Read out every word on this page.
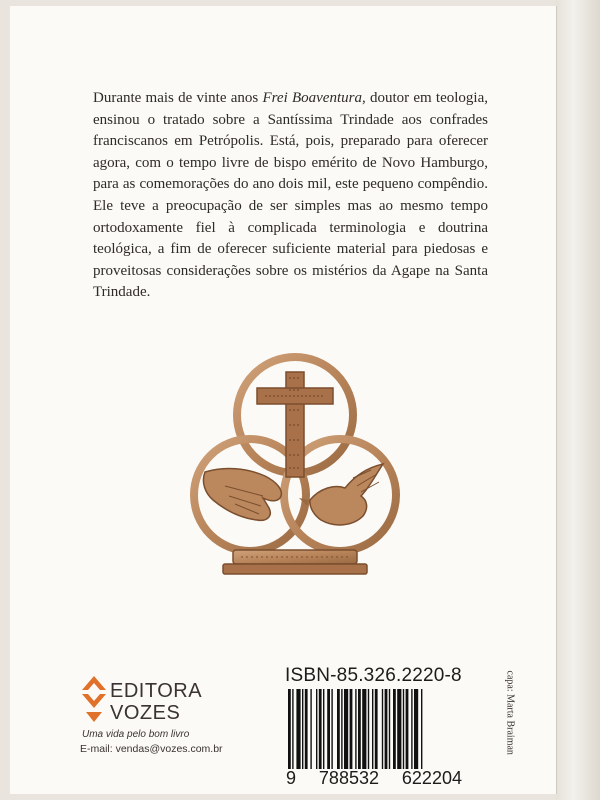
Durante mais de vinte anos Frei Boaventura, doutor em teologia, ensinou o tratado sobre a Santíssima Trindade aos confrades franciscanos em Petrópolis. Está, pois, preparado para oferecer agora, com o tempo livre de bispo emérito de Novo Hamburgo, para as comemorações do ano dois mil, este pequeno compêndio. Ele teve a preocupação de ser simples mas ao mesmo tempo ortodoxamente fiel à complicada terminologia e doutrina teológica, a fim de oferecer suficiente material para piedosas e proveitosas considerações sobre os mistérios da Agape na Santa Trindade.
EDITORA
VOZES
Uma vida pelo bom livro
E-mail: vendas@vozes.com.br
ISBN-85.326.2220-8
9 788532 622204
capa: Marta Braiman
